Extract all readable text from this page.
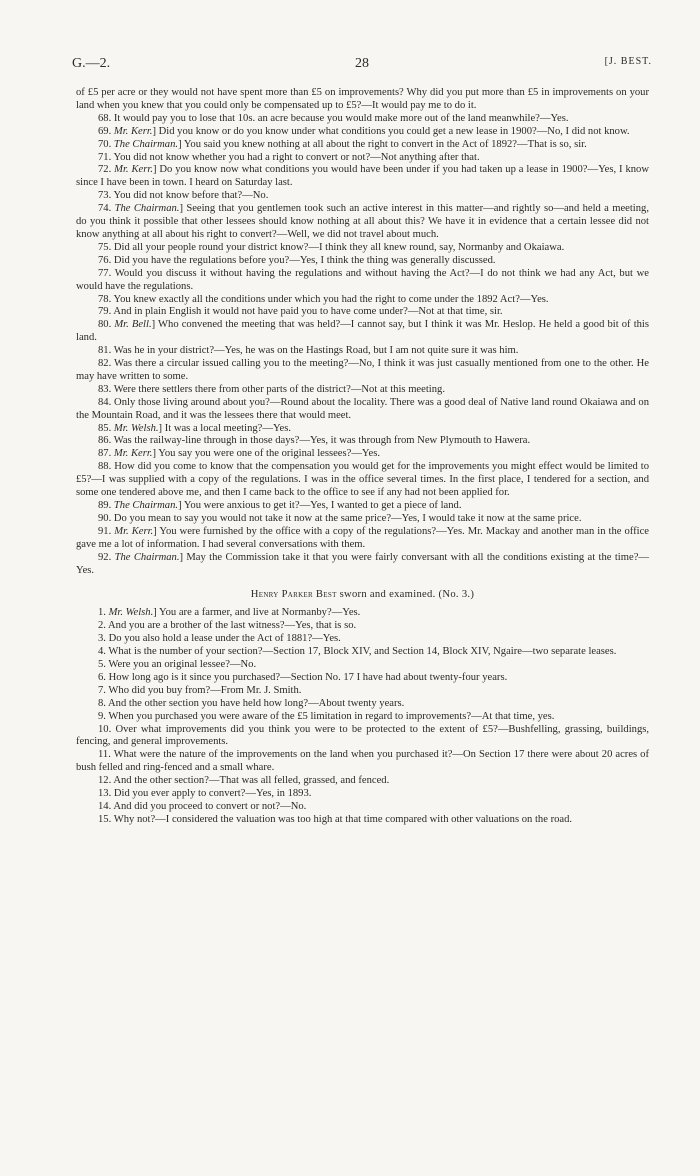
G.—2.	28	[J. BEST.

of £5 per acre or they would not have spent more than £5 on improvements? Why did you put more than £5 in improvements on your land when you knew that you could only be compensated up to £5?—It would pay me to do it.

68. It would pay you to lose that 10s. an acre because you would make more out of the land meanwhile?—Yes.

69. Mr. Kerr.] Did you know or do you know under what conditions you could get a new lease in 1900?—No, I did not know.

70. The Chairman.] You said you knew nothing at all about the right to convert in the Act of 1892?—That is so, sir.

71. You did not know whether you had a right to convert or not?—Not anything after that.

72. Mr. Kerr.] Do you know now what conditions you would have been under if you had taken up a lease in 1900?—Yes, I know since I have been in town. I heard on Saturday last.

73. You did not know before that?—No.

74. The Chairman.] Seeing that you gentlemen took such an active interest in this matter—and rightly so—and held a meeting, do you think it possible that other lessees should know nothing at all about this? We have it in evidence that a certain lessee did not know anything at all about his right to convert?—Well, we did not travel about much.

75. Did all your people round your district know?—I think they all knew round, say, Normanby and Okaiawa.

76. Did you have the regulations before you?—Yes, I think the thing was generally discussed.

77. Would you discuss it without having the regulations and without having the Act?—I do not think we had any Act, but we would have the regulations.

78. You knew exactly all the conditions under which you had the right to come under the 1892 Act?—Yes.

79. And in plain English it would not have paid you to have come under?—Not at that time, sir.

80. Mr. Bell.] Who convened the meeting that was held?—I cannot say, but I think it was Mr. Heslop. He held a good bit of this land.

81. Was he in your district?—Yes, he was on the Hastings Road, but I am not quite sure it was him.

82. Was there a circular issued calling you to the meeting?—No, I think it was just casually mentioned from one to the other. He may have written to some.

83. Were there settlers there from other parts of the district?—Not at this meeting.

84. Only those living around about you?—Round about the locality. There was a good deal of Native land round Okaiawa and on the Mountain Road, and it was the lessees there that would meet.

85. Mr. Welsh.] It was a local meeting?—Yes.

86. Was the railway-line through in those days?—Yes, it was through from New Plymouth to Hawera.

87. Mr. Kerr.] You say you were one of the original lessees?—Yes.

88. How did you come to know that the compensation you would get for the improvements you might effect would be limited to £5?—I was supplied with a copy of the regulations. I was in the office several times. In the first place, I tendered for a section, and some one tendered above me, and then I came back to the office to see if any had not been applied for.

89. The Chairman.] You were anxious to get it?—Yes, I wanted to get a piece of land.

90. Do you mean to say you would not take it now at the same price?—Yes, I would take it now at the same price.

91. Mr. Kerr.] You were furnished by the office with a copy of the regulations?—Yes. Mr. Mackay and another man in the office gave me a lot of information. I had several conversations with them.

92. The Chairman.] May the Commission take it that you were fairly conversant with all the conditions existing at the time?—Yes.

Henry Parker Best sworn and examined. (No. 3.)

1. Mr. Welsh.] You are a farmer, and live at Normanby?—Yes.

2. And you are a brother of the last witness?—Yes, that is so.

3. Do you also hold a lease under the Act of 1881?—Yes.

4. What is the number of your section?—Section 17, Block XIV, and Section 14, Block XIV, Ngaire—two separate leases.

5. Were you an original lessee?—No.

6. How long ago is it since you purchased?—Section No. 17 I have had about twenty-four years.

7. Who did you buy from?—From Mr. J. Smith.

8. And the other section you have held how long?—About twenty years.

9. When you purchased you were aware of the £5 limitation in regard to improvements?—At that time, yes.

10. Over what improvements did you think you were to be protected to the extent of £5?—Bushfelling, grassing, buildings, fencing, and general improvements.

11. What were the nature of the improvements on the land when you purchased it?—On Section 17 there were about 20 acres of bush felled and ring-fenced and a small whare.

12. And the other section?—That was all felled, grassed, and fenced.

13. Did you ever apply to convert?—Yes, in 1893.

14. And did you proceed to convert or not?—No.

15. Why not?—I considered the valuation was too high at that time compared with other valuations on the road.
